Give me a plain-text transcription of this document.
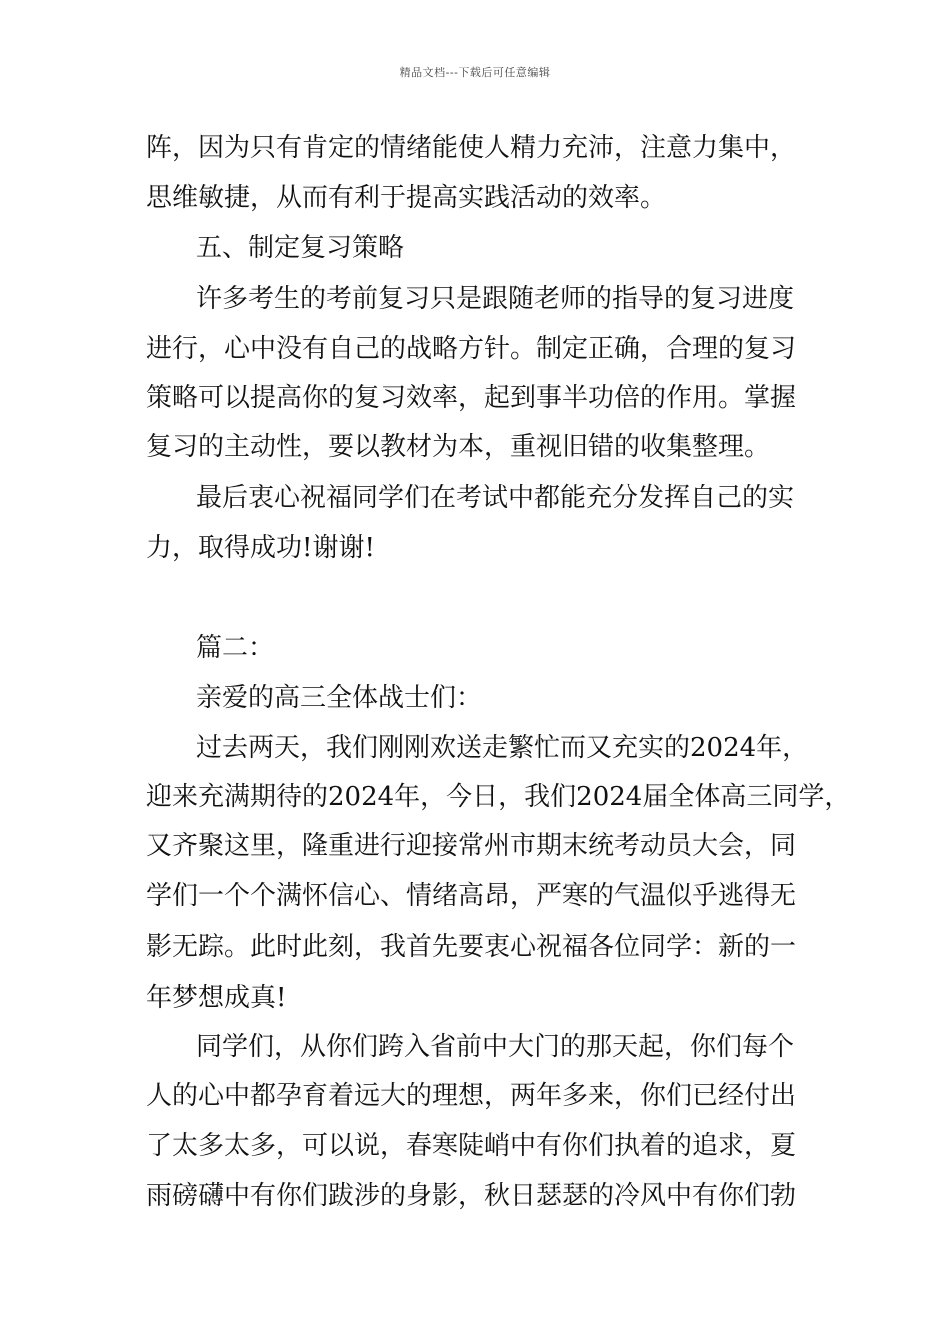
精品文档---下载后可任意编辑
阵，因为只有肯定的情绪能使人精力充沛，注意力集中，
思维敏捷，从而有利于提高实践活动的效率。
五、制定复习策略
许多考生的考前复习只是跟随老师的指导的复习进度
进行，心中没有自己的战略方针。制定正确，合理的复习
策略可以提高你的复习效率，起到事半功倍的作用。掌握
复习的主动性，要以教材为本，重视旧错的收集整理。
最后衷心祝福同学们在考试中都能充分发挥自己的实
力，取得成功!谢谢!
篇二：
亲爱的高三全体战士们：
过去两天，我们刚刚欢送走繁忙而又充实的2024年，
迎来充满期待的2024年，今日，我们2024届全体高三同学，
又齐聚这里，隆重进行迎接常州市期末统考动员大会，同
学们一个个满怀信心、情绪高昂，严寒的气温似乎逃得无
影无踪。此时此刻，我首先要衷心祝福各位同学：新的一
年梦想成真!
同学们，从你们跨入省前中大门的那天起，你们每个
人的心中都孕育着远大的理想，两年多来，你们已经付出
了太多太多，可以说，春寒陡峭中有你们执着的追求，夏
雨磅礴中有你们跋涉的身影，秋日瑟瑟的冷风中有你们勃
